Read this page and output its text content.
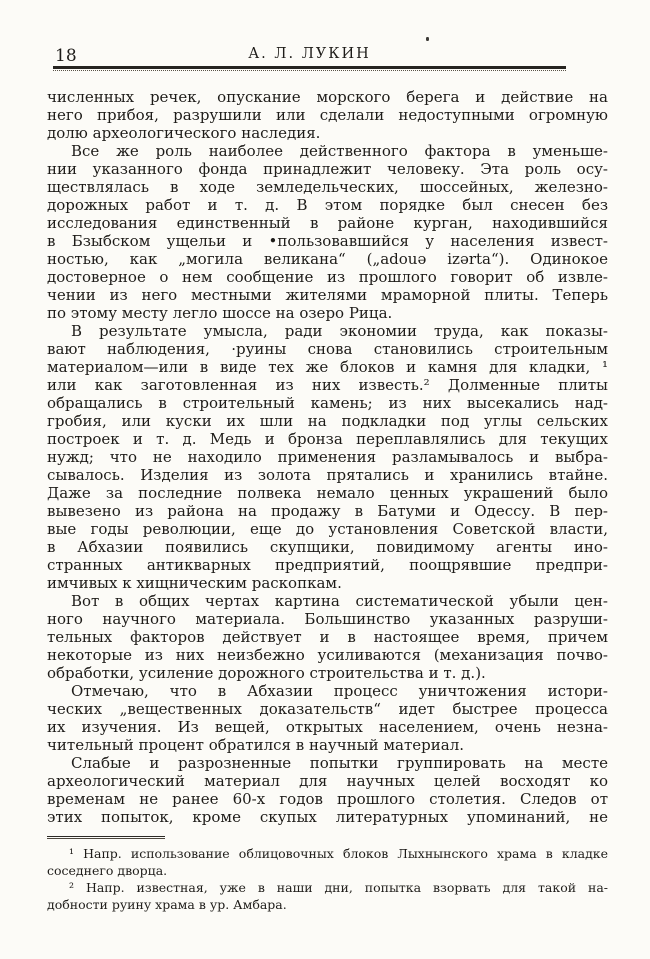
18	А. Л. ЛУКИН
численных речек, опускание морского берега и действие на
него прибоя, разрушили или сделали недоступными огромную
долю археологического наследия.
Все же роль наиболее действенного фактора в уменьше-
нии указанного фонда принадлежит человеку. Эта роль осу-
ществлялась в ходе земледельческих, шоссейных, железно-
дорожных работ и т. д. В этом порядке был снесен без
исследования единственный в районе курган, находившийся
в Бзыбском ущельи и •пользовавшийся у населения извест-
ностью, как „могила великана“ („adouə izərta“). Одинокое
достоверное о нем сообщение из прошлого говорит об извле-
чении из него местными жителями мраморной плиты. Теперь
по этому месту легло шоссе на озеро Рица.
В результате умысла, ради экономии труда, как показы-
вают наблюдения, ·руины снова становились строительным
материалом—или в виде тех же блоков и камня для кладки, ¹
или как заготовленная из них известь.² Долменные плиты
обращались в строительный камень; из них высекались над-
гробия, или куски их шли на подкладки под углы сельских
построек и т. д. Медь и бронза переплавлялись для текущих
нужд; что не находило применения разламывалось и выбра-
сывалось. Изделия из золота прятались и хранились втайне.
Даже за последние полвека немало ценных украшений было
вывезено из района на продажу в Батуми и Одессу. В пер-
вые годы революции, еще до установления Советской власти,
в Абхазии появились скупщики, повидимому агенты ино-
странных антикварных предприятий, поощрявшие предпри-
имчивых к хищническим раскопкам.
Вот в общих чертах картина систематической убыли цен-
ного научного материала. Большинство указанных разруши-
тельных факторов действует и в настоящее время, причем
некоторые из них неизбежно усиливаются (механизация почво-
обработки, усиление дорожного строительства и т. д.).
Отмечаю, что в Абхазии процесс уничтожения истори-
ческих „вещественных доказательств“ идет быстрее процесса
их изучения. Из вещей, открытых населением, очень незна-
чительный процент обратился в научный материал.
Слабые и разрозненные попытки группировать на месте
археологический материал для научных целей восходят ко
временам не ранее 60-х годов прошлого столетия. Следов от
этих попыток, кроме скупых литературных упоминаний, не
¹ Напр. использование облицовочных блоков Лыхнынского храма в кладке
соседнего дворца.
² Напр. известная, уже в наши дни, попытка взорвать для такой на-
добности руину храма в ур. Амбара.
